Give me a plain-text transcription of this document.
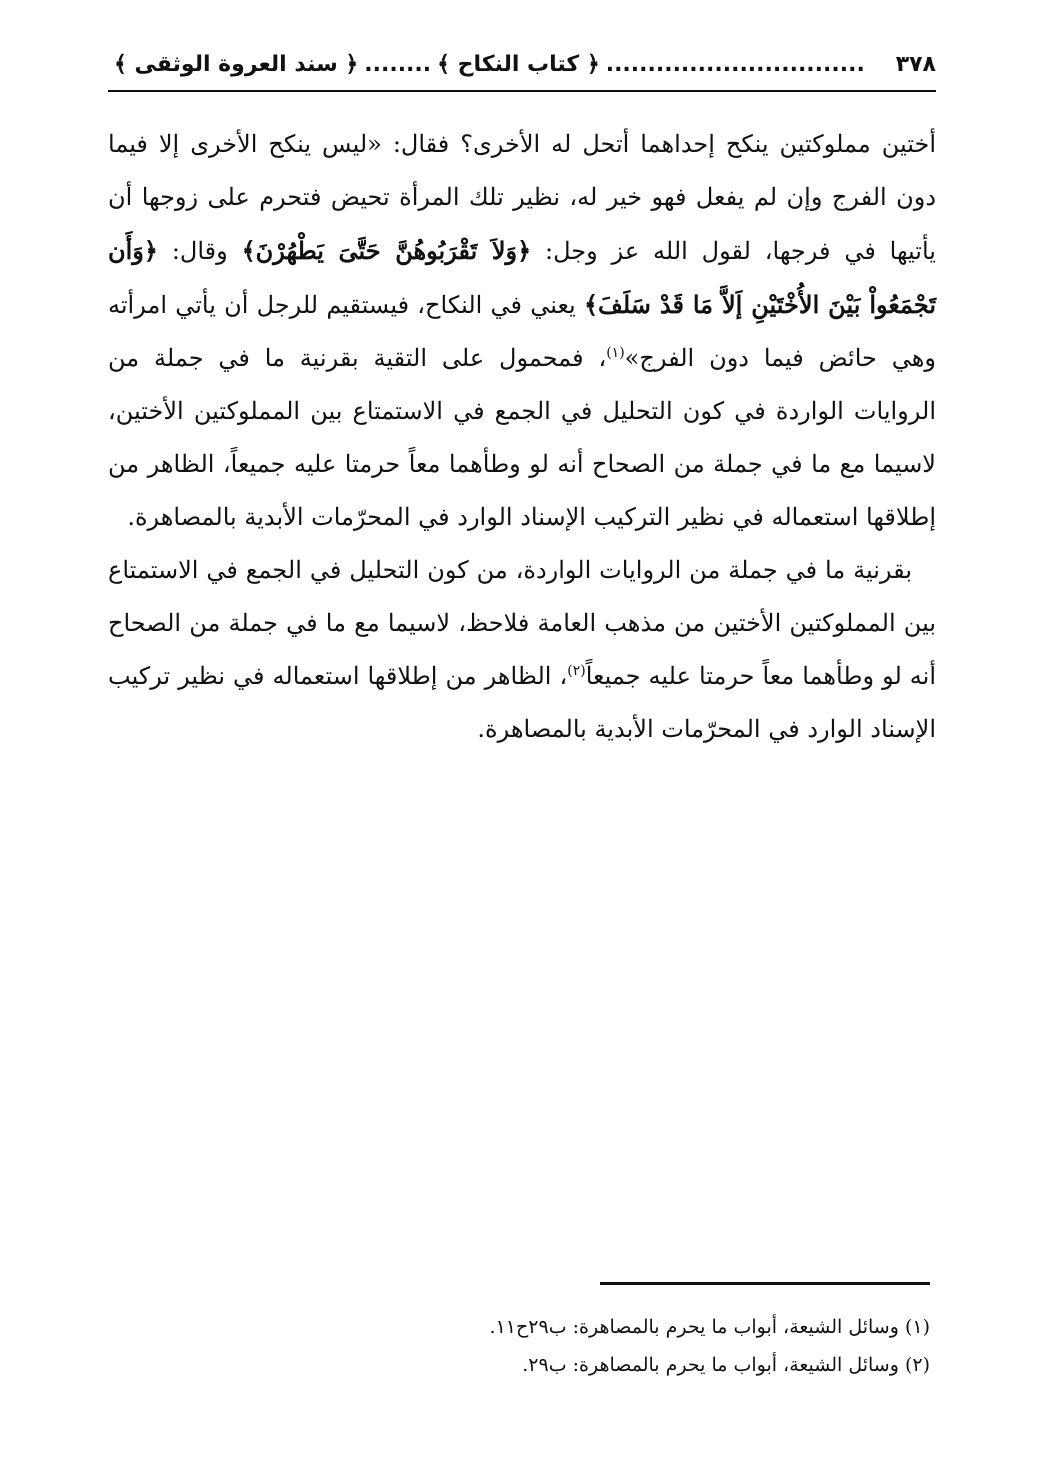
٣٧٨
...............................
﴿ كتاب النكاح ﴾
........
﴿ سند العروة الوثقى ﴾

أختين مملوكتين ينكح إحداهما أتحل له الأخرى؟ فقال: «ليس ينكح الأخرى إلا فيما دون الفرج وإن لم يفعل فهو خير له، نظير تلك المرأة تحيض فتحرم على زوجها أن يأتيها في فرجها، لقول الله عز وجل: ﴿وَلاَ تَقْرَبُوهُنَّ حَتَّىَ يَطْهُرْنَ﴾ وقال: ﴿وَأَن تَجْمَعُواْ بَيْنَ الأُخْتَيْنِ إَلاَّ مَا قَدْ سَلَفَ﴾ يعني في النكاح، فيستقيم للرجل أن يأتي امرأته وهي حائض فيما دون الفرج»$^{(١)}$، فمحمول على التقية بقرنية ما في جملة من الروايات الواردة في كون التحليل في الجمع في الاستمتاع بين المملوكتين الأختين، لاسيما مع ما في جملة من الصحاح أنه لو وطأهما معاً حرمتا عليه جميعاً، الظاهر من إطلاقها استعماله في نظير التركيب الإسناد الوارد في المحرّمات الأبدية بالمصاهرة.

بقرنية ما في جملة من الروايات الواردة، من كون التحليل في الجمع في الاستمتاع بين المملوكتين الأختين من مذهب العامة فلاحظ، لاسيما مع ما في جملة من الصحاح أنه لو وطأهما معاً حرمتا عليه جميعاً$^{(٢)}$، الظاهر من إطلاقها استعماله في نظير تركيب الإسناد الوارد في المحرّمات الأبدية بالمصاهرة.

(١) وسائل الشيعة، أبواب ما يحرم بالمصاهرة: ب٢٩ح١١.
(٢) وسائل الشيعة، أبواب ما يحرم بالمصاهرة: ب٢٩.
